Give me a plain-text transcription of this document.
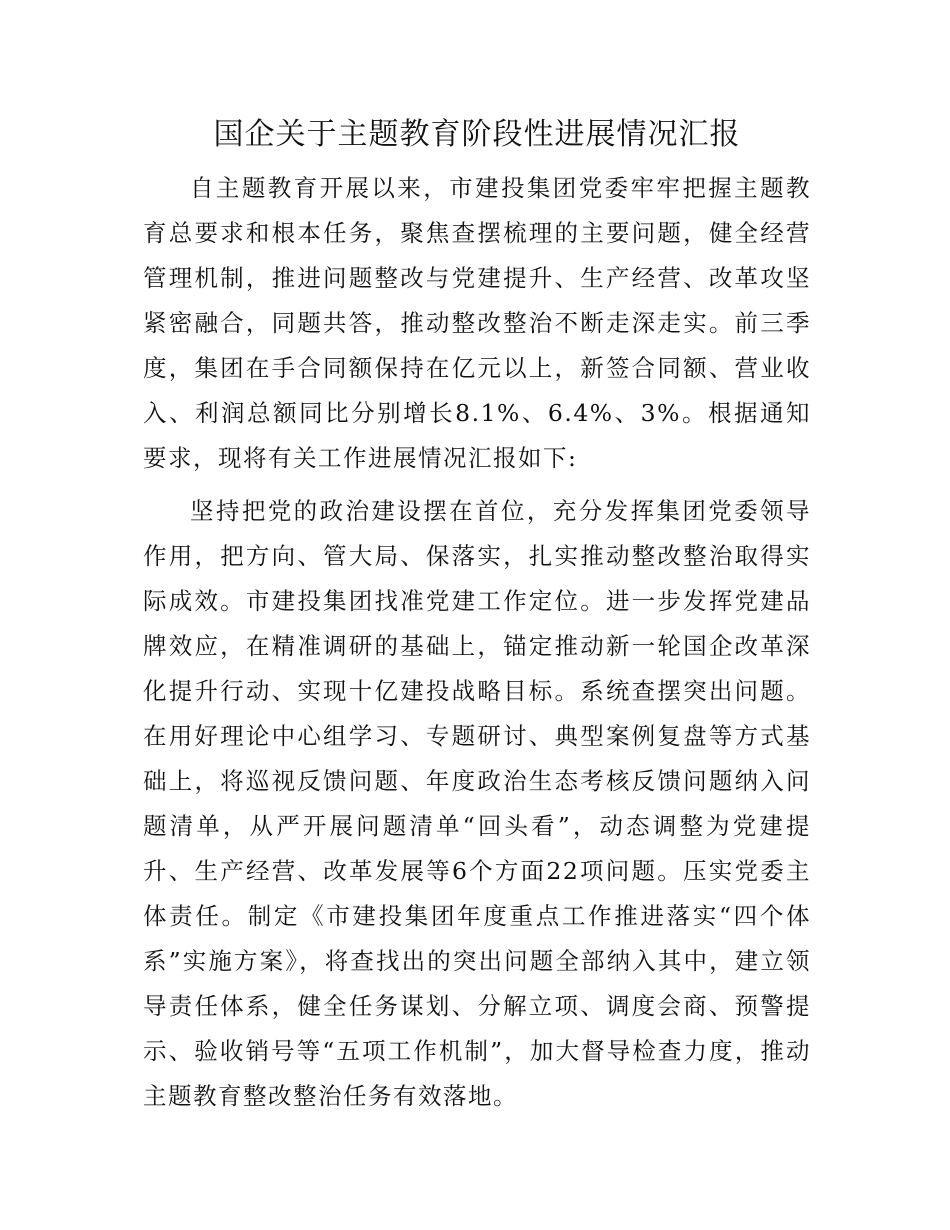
国企关于主题教育阶段性进展情况汇报

自主题教育开展以来，市建投集团党委牢牢把握主题教育总要求和根本任务，聚焦查摆梳理的主要问题，健全经营管理机制，推进问题整改与党建提升、生产经营、改革攻坚紧密融合，同题共答，推动整改整治不断走深走实。前三季度，集团在手合同额保持在亿元以上，新签合同额、营业收入、利润总额同比分别增长8.1%、6.4%、3%。根据通知要求，现将有关工作进展情况汇报如下:

坚持把党的政治建设摆在首位，充分发挥集团党委领导作用，把方向、管大局、保落实，扎实推动整改整治取得实际成效。市建投集团找准党建工作定位。进一步发挥党建品牌效应，在精准调研的基础上，锚定推动新一轮国企改革深化提升行动、实现十亿建投战略目标。系统查摆突出问题。在用好理论中心组学习、专题研讨、典型案例复盘等方式基础上，将巡视反馈问题、年度政治生态考核反馈问题纳入问题清单，从严开展问题清单“回头看”，动态调整为党建提升、生产经营、改革发展等6个方面22项问题。压实党委主体责任。制定《市建投集团年度重点工作推进落实“四个体系”实施方案》，将查找出的突出问题全部纳入其中，建立领导责任体系，健全任务谋划、分解立项、调度会商、预警提示、验收销号等“五项工作机制”，加大督导检查力度，推动主题教育整改整治任务有效落地。
